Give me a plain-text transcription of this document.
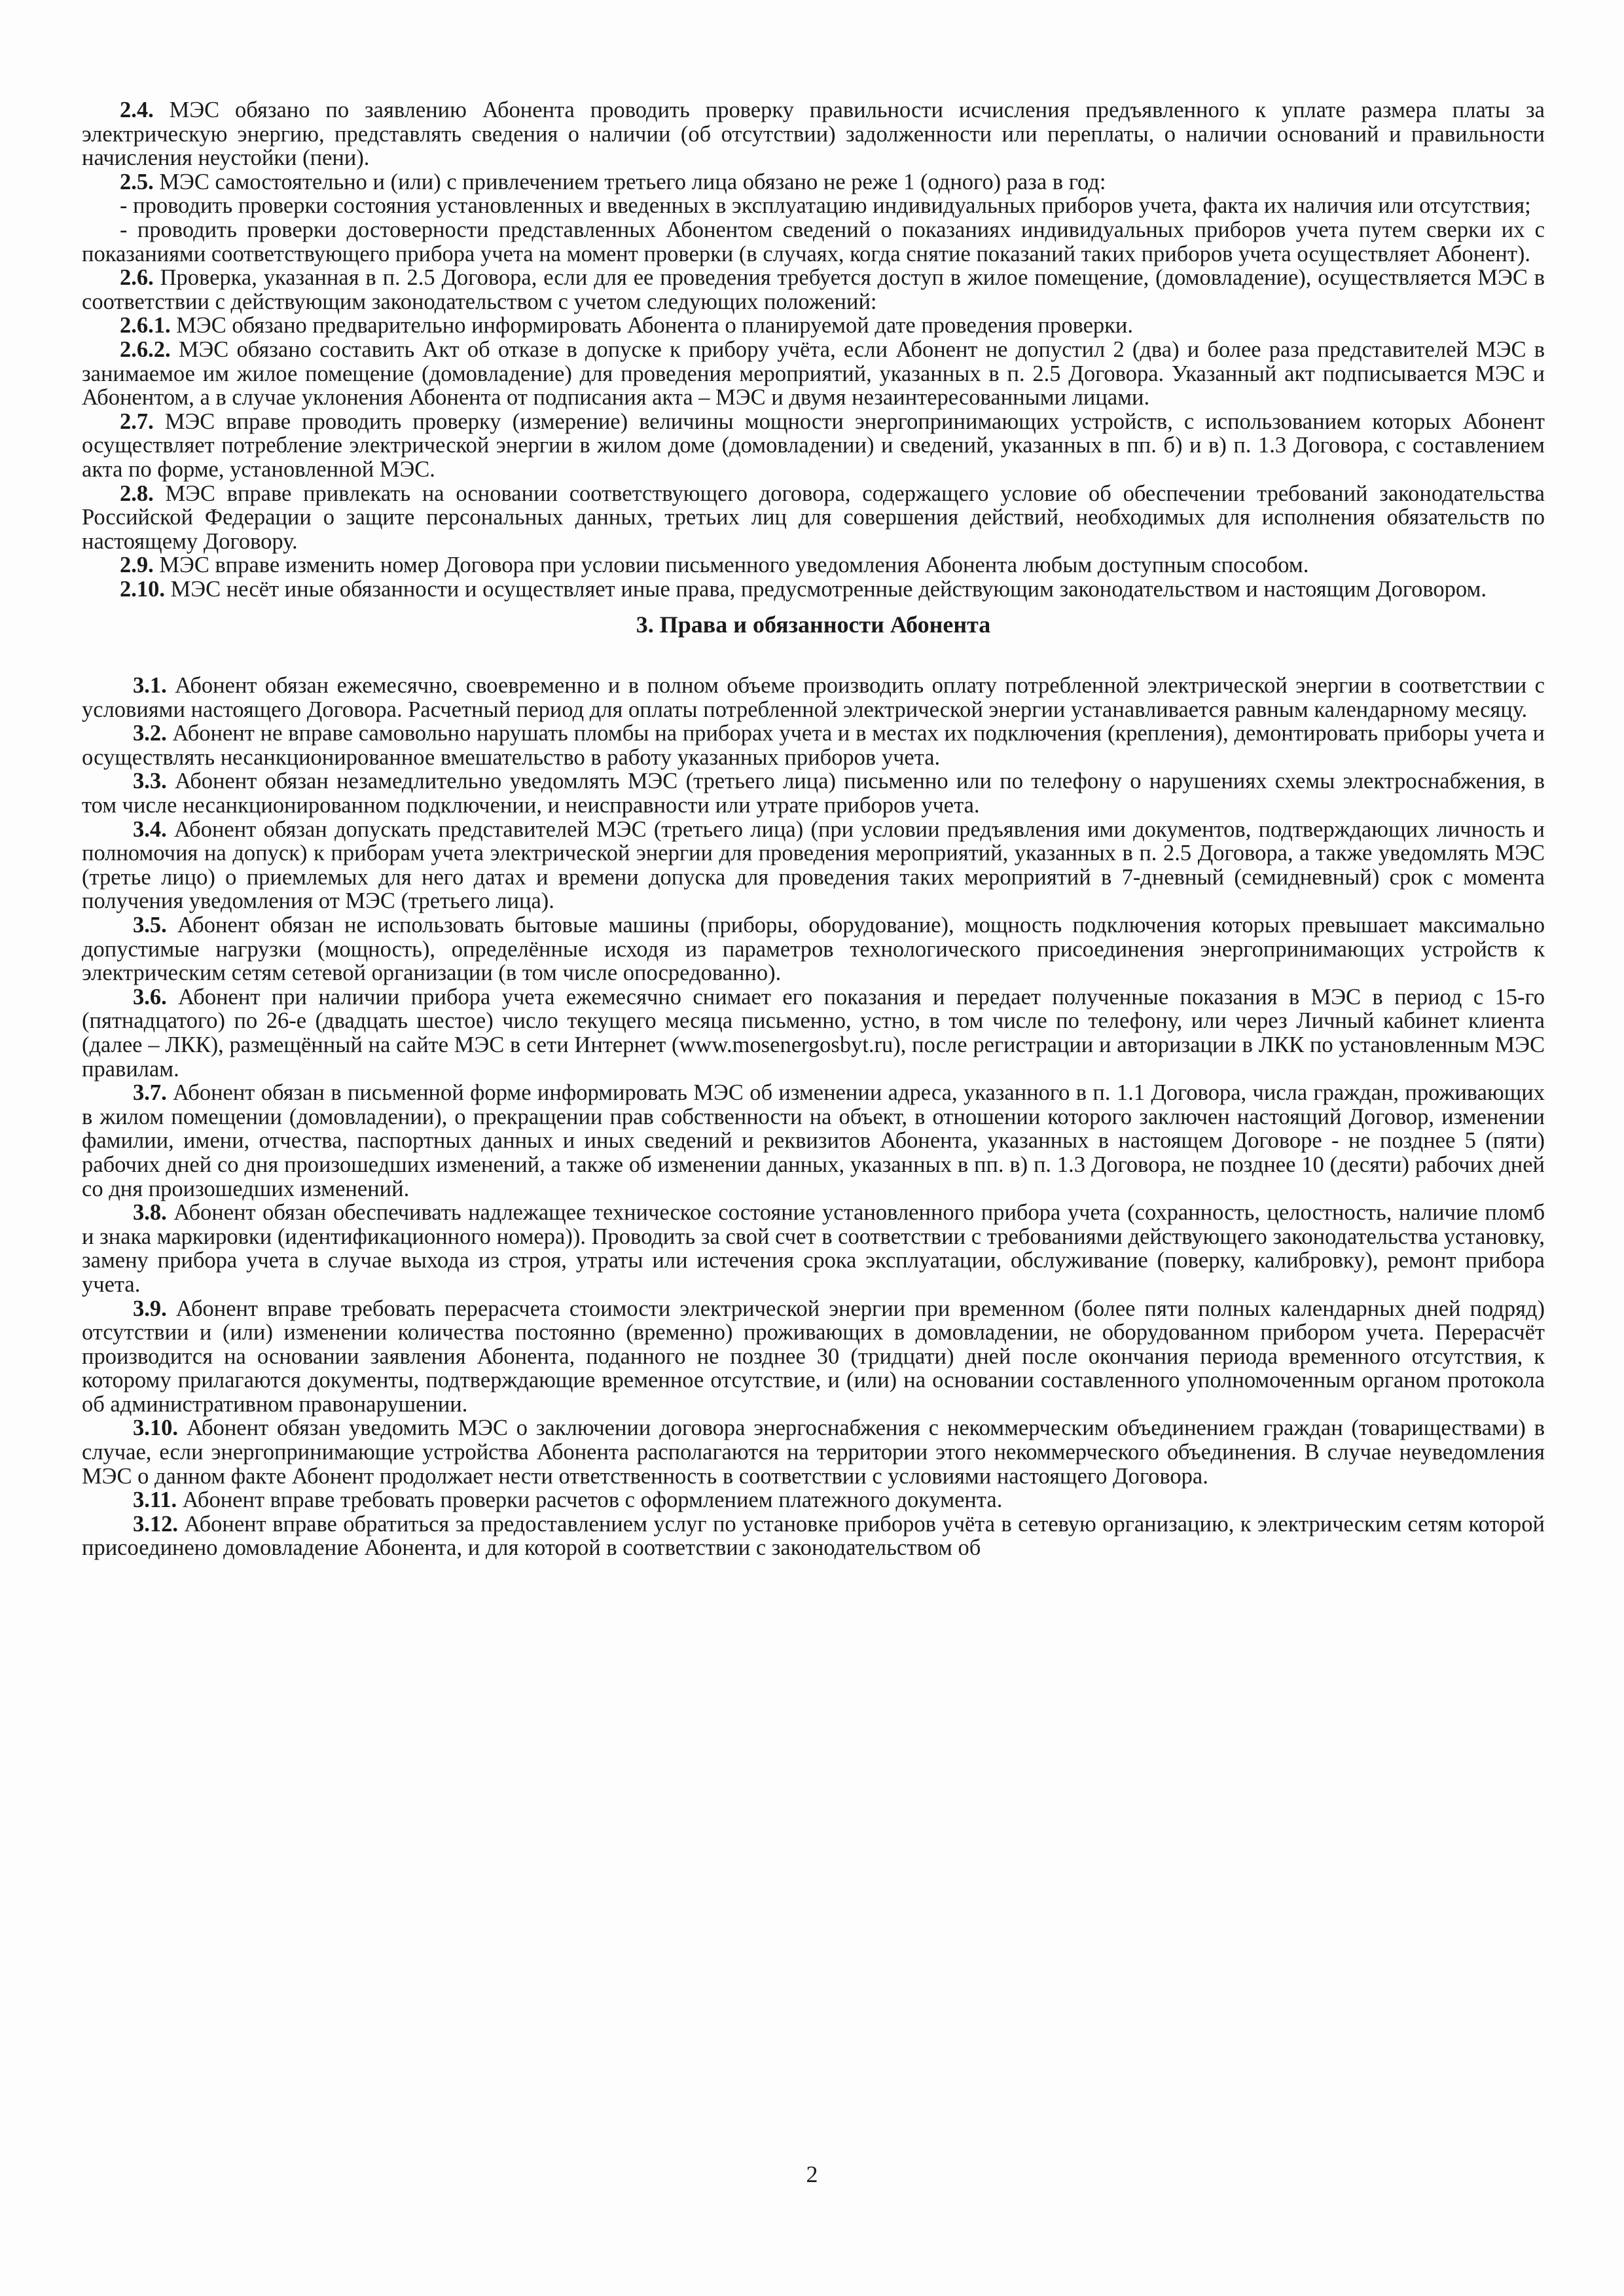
2.4. МЭС обязано по заявлению Абонента проводить проверку правильности исчисления предъявленного к уплате размера платы за электрическую энергию, представлять сведения о наличии (об отсутствии) задолженности или переплаты, о наличии оснований и правильности начисления неустойки (пени).

2.5. МЭС самостоятельно и (или) с привлечением третьего лица обязано не реже 1 (одного) раза в год:

- проводить проверки состояния установленных и введенных в эксплуатацию индивидуальных приборов учета, факта их наличия или отсутствия;

- проводить проверки достоверности представленных Абонентом сведений о показаниях индивидуальных приборов учета путем сверки их с показаниями соответствующего прибора учета на момент проверки (в случаях, когда снятие показаний таких приборов учета осуществляет Абонент).

2.6. Проверка, указанная в п. 2.5 Договора, если для ее проведения требуется доступ в жилое помещение, (домовладение), осуществляется МЭС в соответствии с действующим законодательством с учетом следующих положений:

2.6.1. МЭС обязано предварительно информировать Абонента о планируемой дате проведения проверки.

2.6.2. МЭС обязано составить Акт об отказе в допуске к прибору учёта, если Абонент не допустил 2 (два) и более раза представителей МЭС в занимаемое им жилое помещение (домовладение) для проведения мероприятий, указанных в п. 2.5 Договора. Указанный акт подписывается МЭС и Абонентом, а в случае уклонения Абонента от подписания акта – МЭС и двумя незаинтересованными лицами.

2.7. МЭС вправе проводить проверку (измерение) величины мощности энергопринимающих устройств, с использованием которых Абонент осуществляет потребление электрической энергии в жилом доме (домовладении) и сведений, указанных в пп. б) и в) п. 1.3 Договора, с составлением акта по форме, установленной МЭС.

2.8. МЭС вправе привлекать на основании соответствующего договора, содержащего условие об обеспечении требований законодательства Российской Федерации о защите персональных данных, третьих лиц для совершения действий, необходимых для исполнения обязательств по настоящему Договору.

2.9. МЭС вправе изменить номер Договора при условии письменного уведомления Абонента любым доступным способом.

2.10. МЭС несёт иные обязанности и осуществляет иные права, предусмотренные действующим законодательством и настоящим Договором.

3. Права и обязанности Абонента

3.1. Абонент обязан ежемесячно, своевременно и в полном объеме производить оплату потребленной электрической энергии в соответствии с условиями настоящего Договора. Расчетный период для оплаты потребленной электрической энергии устанавливается равным календарному месяцу.

3.2. Абонент не вправе самовольно нарушать пломбы на приборах учета и в местах их подключения (крепления), демонтировать приборы учета и осуществлять несанкционированное вмешательство в работу указанных приборов учета.

3.3. Абонент обязан незамедлительно уведомлять МЭС (третьего лица) письменно или по телефону о нарушениях схемы электроснабжения, в том числе несанкционированном подключении, и неисправности или утрате приборов учета.

3.4. Абонент обязан допускать представителей МЭС (третьего лица) (при условии предъявления ими документов, подтверждающих личность и полномочия на допуск) к приборам учета электрической энергии для проведения мероприятий, указанных в п. 2.5 Договора, а также уведомлять МЭС (третье лицо) о приемлемых для него датах и времени допуска для проведения таких мероприятий в 7-дневный (семидневный) срок с момента получения уведомления от МЭС (третьего лица).

3.5. Абонент обязан не использовать бытовые машины (приборы, оборудование), мощность подключения которых превышает максимально допустимые нагрузки (мощность), определённые исходя из параметров технологического присоединения энергопринимающих устройств к электрическим сетям сетевой организации (в том числе опосредованно).

3.6. Абонент при наличии прибора учета ежемесячно снимает его показания и передает полученные показания в МЭС в период с 15-го (пятнадцатого) по 26-е (двадцать шестое) число текущего месяца письменно, устно, в том числе по телефону, или через Личный кабинет клиента (далее – ЛКК), размещённый на сайте МЭС в сети Интернет (www.mosenergosbyt.ru), после регистрации и авторизации в ЛКК по установленным МЭС правилам.

3.7. Абонент обязан в письменной форме информировать МЭС об изменении адреса, указанного в п. 1.1 Договора, числа граждан, проживающих в жилом помещении (домовладении), о прекращении прав собственности на объект, в отношении которого заключен настоящий Договор, изменении фамилии, имени, отчества, паспортных данных и иных сведений и реквизитов Абонента, указанных в настоящем Договоре - не позднее 5 (пяти) рабочих дней со дня произошедших изменений, а также об изменении данных, указанных в пп. в) п. 1.3 Договора, не позднее 10 (десяти) рабочих дней со дня произошедших изменений.

3.8. Абонент обязан обеспечивать надлежащее техническое состояние установленного прибора учета (сохранность, целостность, наличие пломб и знака маркировки (идентификационного номера)). Проводить за свой счет в соответствии с требованиями действующего законодательства установку, замену прибора учета в случае выхода из строя, утраты или истечения срока эксплуатации, обслуживание (поверку, калибровку), ремонт прибора учета.

3.9. Абонент вправе требовать перерасчета стоимости электрической энергии при временном (более пяти полных календарных дней подряд) отсутствии и (или) изменении количества постоянно (временно) проживающих в домовладении, не оборудованном прибором учета. Перерасчёт производится на основании заявления Абонента, поданного не позднее 30 (тридцати) дней после окончания периода временного отсутствия, к которому прилагаются документы, подтверждающие временное отсутствие, и (или) на основании составленного уполномоченным органом протокола об административном правонарушении.

3.10. Абонент обязан уведомить МЭС о заключении договора энергоснабжения с некоммерческим объединением граждан (товариществами) в случае, если энергопринимающие устройства Абонента располагаются на территории этого некоммерческого объединения. В случае неуведомления МЭС о данном факте Абонент продолжает нести ответственность в соответствии с условиями настоящего Договора.

3.11. Абонент вправе требовать проверки расчетов с оформлением платежного документа.

3.12. Абонент вправе обратиться за предоставлением услуг по установке приборов учёта в сетевую организацию, к электрическим сетям которой присоединено домовладение Абонента, и для которой в соответствии с законодательством об

2
